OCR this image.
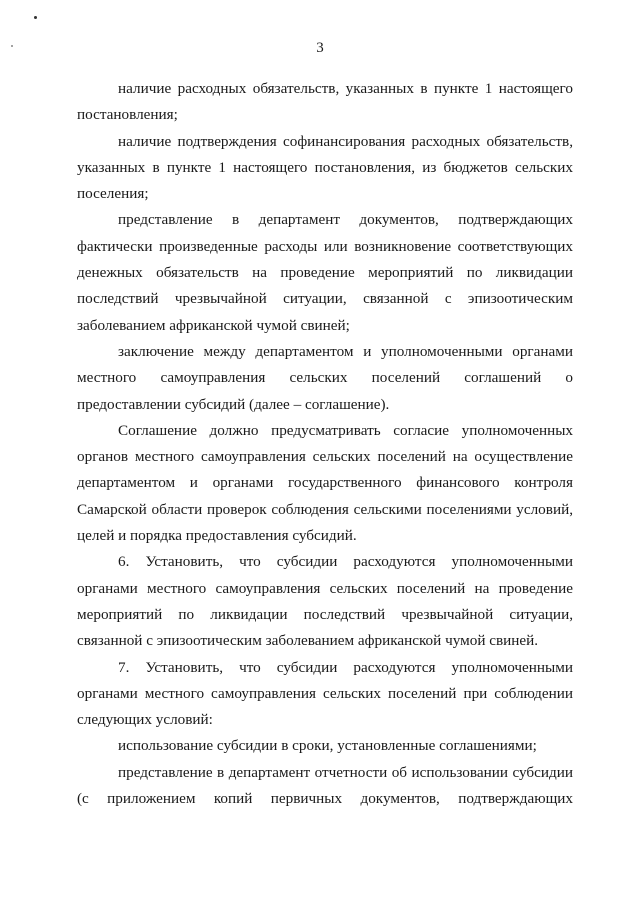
3

наличие расходных обязательств, указанных в пункте 1 настоящего постановления;

наличие подтверждения софинансирования расходных обязательств, указанных в пункте 1 настоящего постановления, из бюджетов сельских поселения;

представление в департамент документов, подтверждающих фактически произведенные расходы или возникновение соответствующих денежных обязательств на проведение мероприятий по ликвидации последствий чрезвычайной ситуации, связанной с эпизоотическим заболеванием африканской чумой свиней;

заключение между департаментом и уполномоченными органами местного самоуправления сельских поселений соглашений о предоставлении субсидий (далее – соглашение).

Соглашение должно предусматривать согласие уполномоченных органов местного самоуправления сельских поселений на осуществление департаментом и органами государственного финансового контроля Самарской области проверок соблюдения сельскими поселениями условий, целей и порядка предоставления субсидий.

6. Установить, что субсидии расходуются уполномоченными органами местного самоуправления сельских поселений на проведение мероприятий по ликвидации последствий чрезвычайной ситуации, связанной с эпизоотическим заболеванием африканской чумой свиней.

7. Установить, что субсидии расходуются уполномоченными органами местного самоуправления сельских поселений при соблюдении следующих условий:

использование субсидии в сроки, установленные соглашениями;

представление в департамент отчетности об использовании субсидии (с приложением копий первичных документов, подтверждающих
